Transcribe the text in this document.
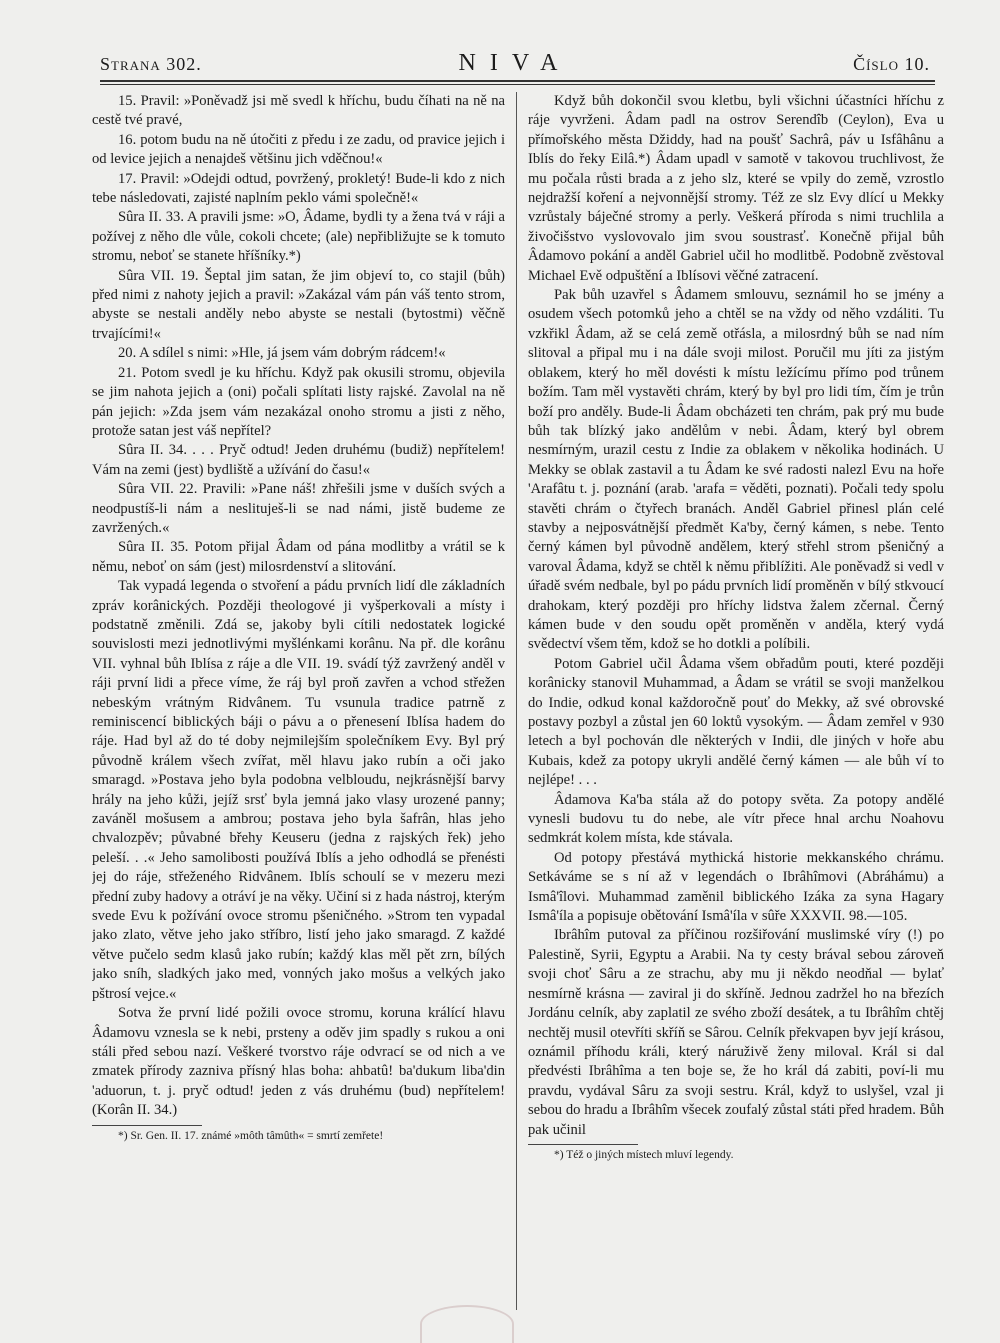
Strana 302.	NIVA	Číslo 10.

15. Pravil: »Poněvadž jsi mě svedl k hříchu, budu číhati na ně na cestě tvé pravé,

16. potom budu na ně útočiti z předu i ze zadu, od pravice jejich i od levice jejich a nenajdeš většinu jich vděčnou!«

17. Pravil: »Odejdi odtud, povržený, prokletý! Bude-li kdo z nich tebe následovati, zajisté naplním peklo vámi společně!«

Sûra II. 33. A pravili jsme: »O, Âdame, bydli ty a žena tvá v ráji a požívej z něho dle vůle, cokoli chcete; (ale) nepřibližujte se k tomuto stromu, neboť se stanete hříšníky.*)

Sûra VII. 19. Šeptal jim satan, že jim objeví to, co stajil (bůh) před nimi z nahoty jejich a pravil: »Zakázal vám pán váš tento strom, abyste se nestali anděly nebo abyste se nestali (bytostmi) věčně trvajícími!«

20. A sdílel s nimi: »Hle, já jsem vám dobrým rádcem!«

21. Potom svedl je ku hříchu. Když pak okusili stromu, objevila se jim nahota jejich a (oni) počali splítati listy rajské. Zavolal na ně pán jejich: »Zda jsem vám nezakázal onoho stromu a jisti z něho, protože satan jest váš nepřítel?

Sûra II. 34. . . . Pryč odtud! Jeden druhému (budiž) nepřítelem! Vám na zemi (jest) bydliště a užívání do času!«

Sûra VII. 22. Pravili: »Pane náš! zhřešili jsme v duších svých a neodpustíš-li nám a neslituješ-li se nad námi, jistě budeme ze zavržených.«

Sûra II. 35. Potom přijal Âdam od pána modlitby a vrátil se k němu, neboť on sám (jest) milosrdenství a slitování.

Tak vypadá legenda o stvoření a pádu prvních lidí dle základních zpráv korânických. Později theologové ji vyšperkovali a místy i podstatně změnili. Zdá se, jakoby byli cítili nedostatek logické souvislosti mezi jednotlivými myšlénkami korânu. Na př. dle korânu VII. vyhnal bůh Iblísa z ráje a dle VII. 19. svádí týž zavržený anděl v ráji první lidi a přece víme, že ráj byl proň zavřen a vchod střežen nebeským vrátným Ridvânem. Tu vsunula tradice patrně z reminiscencí biblických báji o pávu a o přenesení Iblísa hadem do ráje. Had byl až do té doby nejmilejším společníkem Evy. Byl prý původně králem všech zvířat, měl hlavu jako rubín a oči jako smaragd. »Postava jeho byla podobna velbloudu, nejkrásnější barvy hrály na jeho kůži, jejíž srsť byla jemná jako vlasy urozené panny; zaváněl mošusem a ambrou; postava jeho byla šafrân, hlas jeho chvalozpěv; půvabné břehy Keuseru (jedna z rajských řek) jeho peleší. . .« Jeho samolibosti používá Iblís a jeho odhodlá se přenésti jej do ráje, střeženého Ridvânem. Iblís schoulí se v mezeru mezi přední zuby hadovy a otráví je na věky. Učiní si z hada nástroj, kterým svede Evu k požívání ovoce stromu pšeničného. »Strom ten vypadal jako zlato, větve jeho jako stříbro, listí jeho jako smaragd. Z každé větve pučelo sedm klasů jako rubín; každý klas měl pět zrn, bílých jako sníh, sladkých jako med, vonných jako mošus a velkých jako pštrosí vejce.«

Sotva že první lidé požili ovoce stromu, koruna králící hlavu Âdamovu vznesla se k nebi, prsteny a oděv jim spadly s rukou a oni stáli před sebou nazí. Veškeré tvorstvo ráje odvrací se od nich a ve zmatek přírody zazniva přísný hlas boha: ahbatû! ba'dukum liba'din 'aduorun, t. j. pryč odtud! jeden z vás druhému (bud) nepřítelem! (Korân II. 34.)

*) Sr. Gen. II. 17. známé »môth tâmûth« = smrtí zemřete!

Když bůh dokončil svou kletbu, byli všichni účastníci hříchu z ráje vyvrženi. Âdam padl na ostrov Serendîb (Ceylon), Eva u přímořského města Džiddy, had na poušť Sachrâ, páv u Isfâhânu a Iblís do řeky Eilâ.*) Âdam upadl v samotě v takovou truchlivost, že mu počala růsti brada a z jeho slz, které se vpily do země, vzrostlo nejdražší koření a nejvonnější stromy. Též ze slz Evy dlící u Mekky vzrůstaly báječné stromy a perly. Veškerá příroda s nimi truchlila a živočišstvo vyslovovalo jim svou soustrasť. Konečně přijal bůh Âdamovo pokání a anděl Gabriel učil ho modlitbě. Podobně zvěstoval Michael Evě odpuštění a Iblísovi věčné zatracení.

Pak bůh uzavřel s Âdamem smlouvu, seznámil ho se jmény a osudem všech potomků jeho a chtěl se na vždy od něho vzdáliti. Tu vzkřikl Âdam, až se celá země otřásla, a milosrdný bůh se nad ním slitoval a připal mu i na dále svoji milost. Poručil mu jíti za jistým oblakem, který ho měl dovésti k místu ležícímu přímo pod trůnem božím. Tam měl vystavěti chrám, který by byl pro lidi tím, čím je trůn boží pro anděly. Bude-li Âdam obcházeti ten chrám, pak prý mu bude bůh tak blízký jako andělům v nebi. Âdam, který byl obrem nesmírným, urazil cestu z Indie za oblakem v několika hodinách. U Mekky se oblak zastavil a tu Âdam ke své radosti nalezl Evu na hoře 'Arafâtu t. j. poznání (arab. 'arafa = věděti, poznati). Počali tedy spolu stavěti chrám o čtyřech branách. Anděl Gabriel přinesl plán celé stavby a nejposvátnější předmět Ka'by, černý kámen, s nebe. Tento černý kámen byl původně andělem, který střehl strom pšeničný a varoval Âdama, když se chtěl k němu přiblížiti. Ale poněvadž si vedl v úřadě svém nedbale, byl po pádu prvních lidí proměněn v bílý stkvoucí drahokam, který později pro hříchy lidstva žalem zčernal. Černý kámen bude v den soudu opět proměněn v anděla, který vydá svědectví všem těm, kdož se ho dotkli a políbili.

Potom Gabriel učil Âdama všem obřadům pouti, které později korânicky stanovil Muhammad, a Âdam se vrátil se svoji manželkou do Indie, odkud konal každoročně pouť do Mekky, až své obrovské postavy pozbyl a zůstal jen 60 loktů vysokým. — Âdam zemřel v 930 letech a byl pochován dle některých v Indii, dle jiných v hoře abu Kubais, kdež za potopy ukryli andělé černý kámen — ale bůh ví to nejlépe! . . .

Âdamova Ka'ba stála až do potopy světa. Za potopy andělé vynesli budovu tu do nebe, ale vítr přece hnal archu Noahovu sedmkrát kolem místa, kde stávala.

Od potopy přestává mythická historie mekkanského chrámu. Setkáváme se s ní až v legendách o Ibrâhîmovi (Abráhámu) a Ismâ'îlovi. Muhammad zaměnil biblického Izáka za syna Hagary Ismâ'íla a popisuje obětování Ismâ'íla v sûře XXXVII. 98.—105.

Ibrâhîm putoval za příčinou rozšiřování muslimské víry (!) po Palestině, Syrii, Egyptu a Arabii. Na ty cesty brával sebou zároveň svoji choť Sâru a ze strachu, aby mu ji někdo neodňal — bylať nesmírně krásna — zaviral ji do skříně. Jednou zadržel ho na březích Jordánu celník, aby zaplatil ze svého zboží desátek, a tu Ibrâhîm chtěj nechtěj musil otevříti skříň se Sârou. Celník překvapen byv její krásou, oznámil příhodu králi, který náruživě ženy miloval. Král si dal předvésti Ibrâhîma a ten boje se, že ho král dá zabiti, poví-li mu pravdu, vydával Sâru za svoji sestru. Král, když to uslyšel, vzal ji sebou do hradu a Ibrâhîm všecek zoufalý zůstal státi před hradem. Bůh pak učinil

*) Též o jiných místech mluví legendy.
